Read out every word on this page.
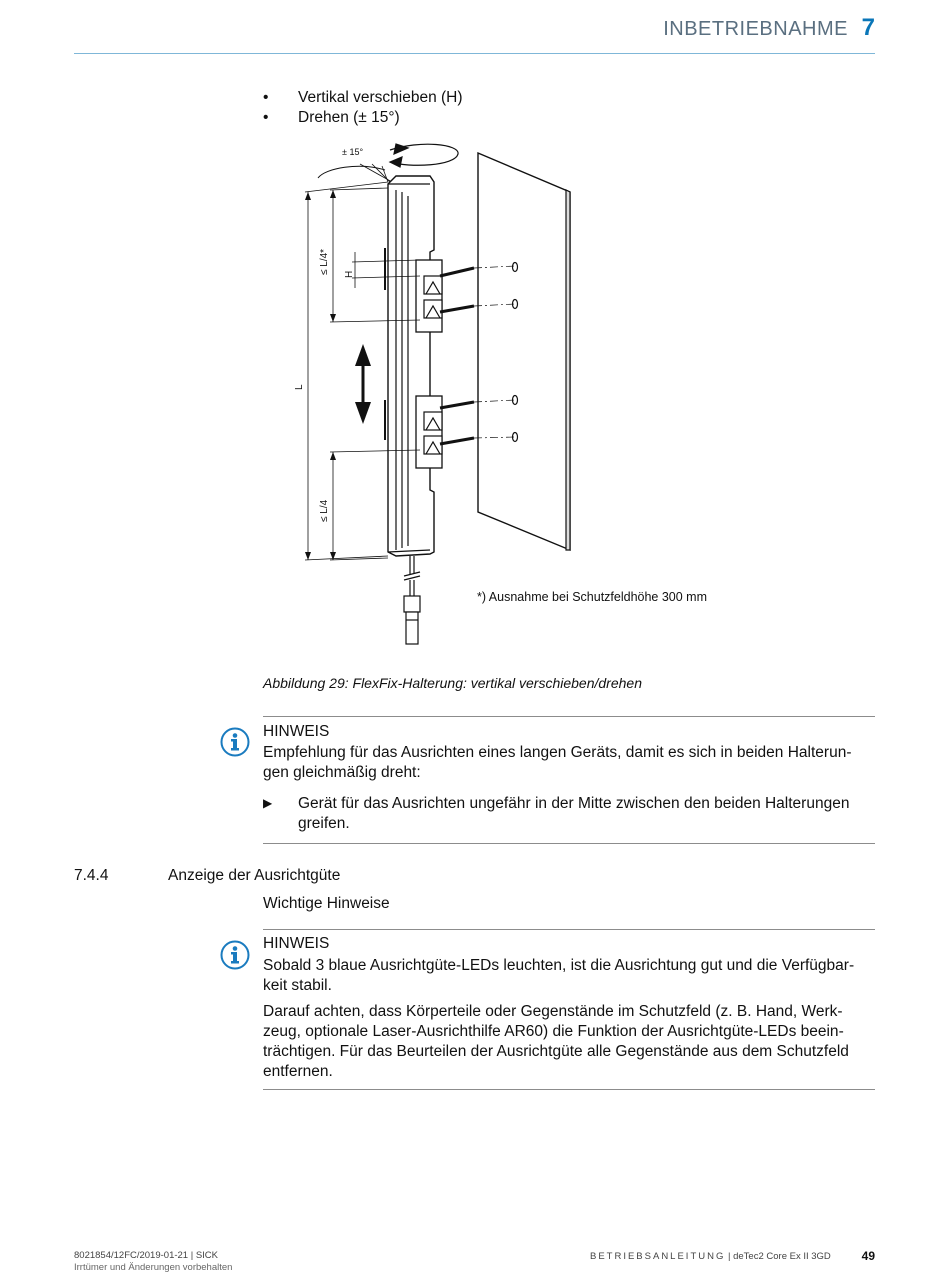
INBETRIEBNAHME 7
•	Vertikal verschieben (H)
•	Drehen (± 15°)
± 15°
L
≤ L/4* H
≤ L/4
*) Ausnahme bei Schutzfeldhöhe 300 mm
Abbildung 29: FlexFix-Halterung: vertikal verschieben/drehen
HINWEIS

Empfehlung für das Ausrichten eines langen Geräts, damit es sich in beiden Halterungen gleichmäßig dreht:

▶ Gerät für das Ausrichten ungefähr in der Mitte zwischen den beiden Halterungen greifen.
7.4.4	Anzeige der Ausrichtgüte
Wichtige Hinweise
HINWEIS

Sobald 3 blaue Ausrichtgüte-LEDs leuchten, ist die Ausrichtung gut und die Verfügbarkeit stabil.

Darauf achten, dass Körperteile oder Gegenstände im Schutzfeld (z. B. Hand, Werkzeug, optionale Laser-Ausrichthilfe AR60) die Funktion der Ausrichtgüte-LEDs beeinträchtigen. Für das Beurteilen der Ausrichtgüte alle Gegenstände aus dem Schutzfeld entfernen.

8021854/12FC/2019-01-21 | SICK
Irrtümer und Änderungen vorbehalten
BETRIEBSANLEITUNG | deTec2 Core Ex II 3GD	49
